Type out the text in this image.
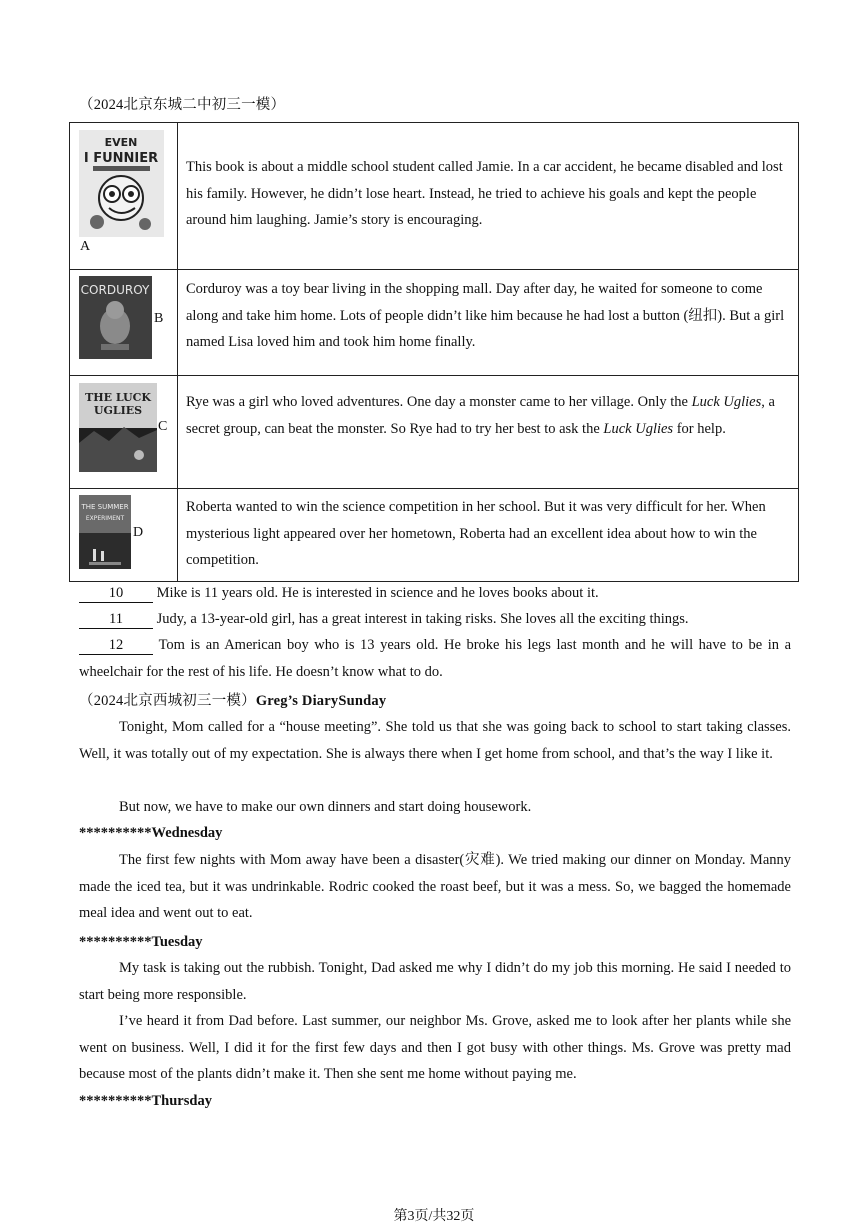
（2024北京东城二中初三一模）
EVEN
I FUNNIER
A
This book is about a middle school student called Jamie. In a car accident, he became disabled and lost his family. However, he didn’t lose heart. Instead, he tried to achieve his goals and kept the people around him laughing. Jamie’s story is encouraging.
CORDUROY
B
Corduroy was a toy bear living in the shopping mall. Day after day, he waited for someone to come along and take him home. Lots of people didn’t like him because he had lost a button (纽扣). But a girl named Lisa loved him and took him home finally.
THE LUCK
UGLIES
C
Rye was a girl who loved adventures. One day a monster came to her village. Only the Luck Uglies, a secret group, can beat the monster. So Rye had to try her best to ask the Luck Uglies for help.
THE SUMMER
EXPERIMENT
D
Roberta wanted to win the science competition in her school. But it was very difficult for her. When mysterious light appeared over her hometown, Roberta had an excellent idea about how to win the competition.
10 Mike is 11 years old. He is interested in science and he loves books about it.
11 Judy, a 13-year-old girl, has a great interest in taking risks. She loves all the exciting things.
12 Tom is an American boy who is 13 years old. He broke his legs last month and he will have to be in a wheelchair for the rest of his life. He doesn’t know what to do.
（2024北京西城初三一模）Greg’s DiarySunday
Tonight, Mom called for a “house meeting”. She told us that she was going back to school to start taking classes. Well, it was totally out of my expectation. She is always there when I get home from school, and that’s the way I like it.
But now, we have to make our own dinners and start doing housework.
**********Wednesday
The first few nights with Mom away have been a disaster(灾难). We tried making our dinner on Monday. Manny made the iced tea, but it was undrinkable. Rodric cooked the roast beef, but it was a mess. So, we bagged the homemade meal idea and went out to eat.
**********Tuesday
My task is taking out the rubbish. Tonight, Dad asked me why I didn’t do my job this morning. He said I needed to start being more responsible.
I’ve heard it from Dad before. Last summer, our neighbor Ms. Grove, asked me to look after her plants while she went on business. Well, I did it for the first few days and then I got busy with other things. Ms. Grove was pretty mad because most of the plants didn’t make it. Then she sent me home without paying me.
**********Thursday
第3页/共32页
